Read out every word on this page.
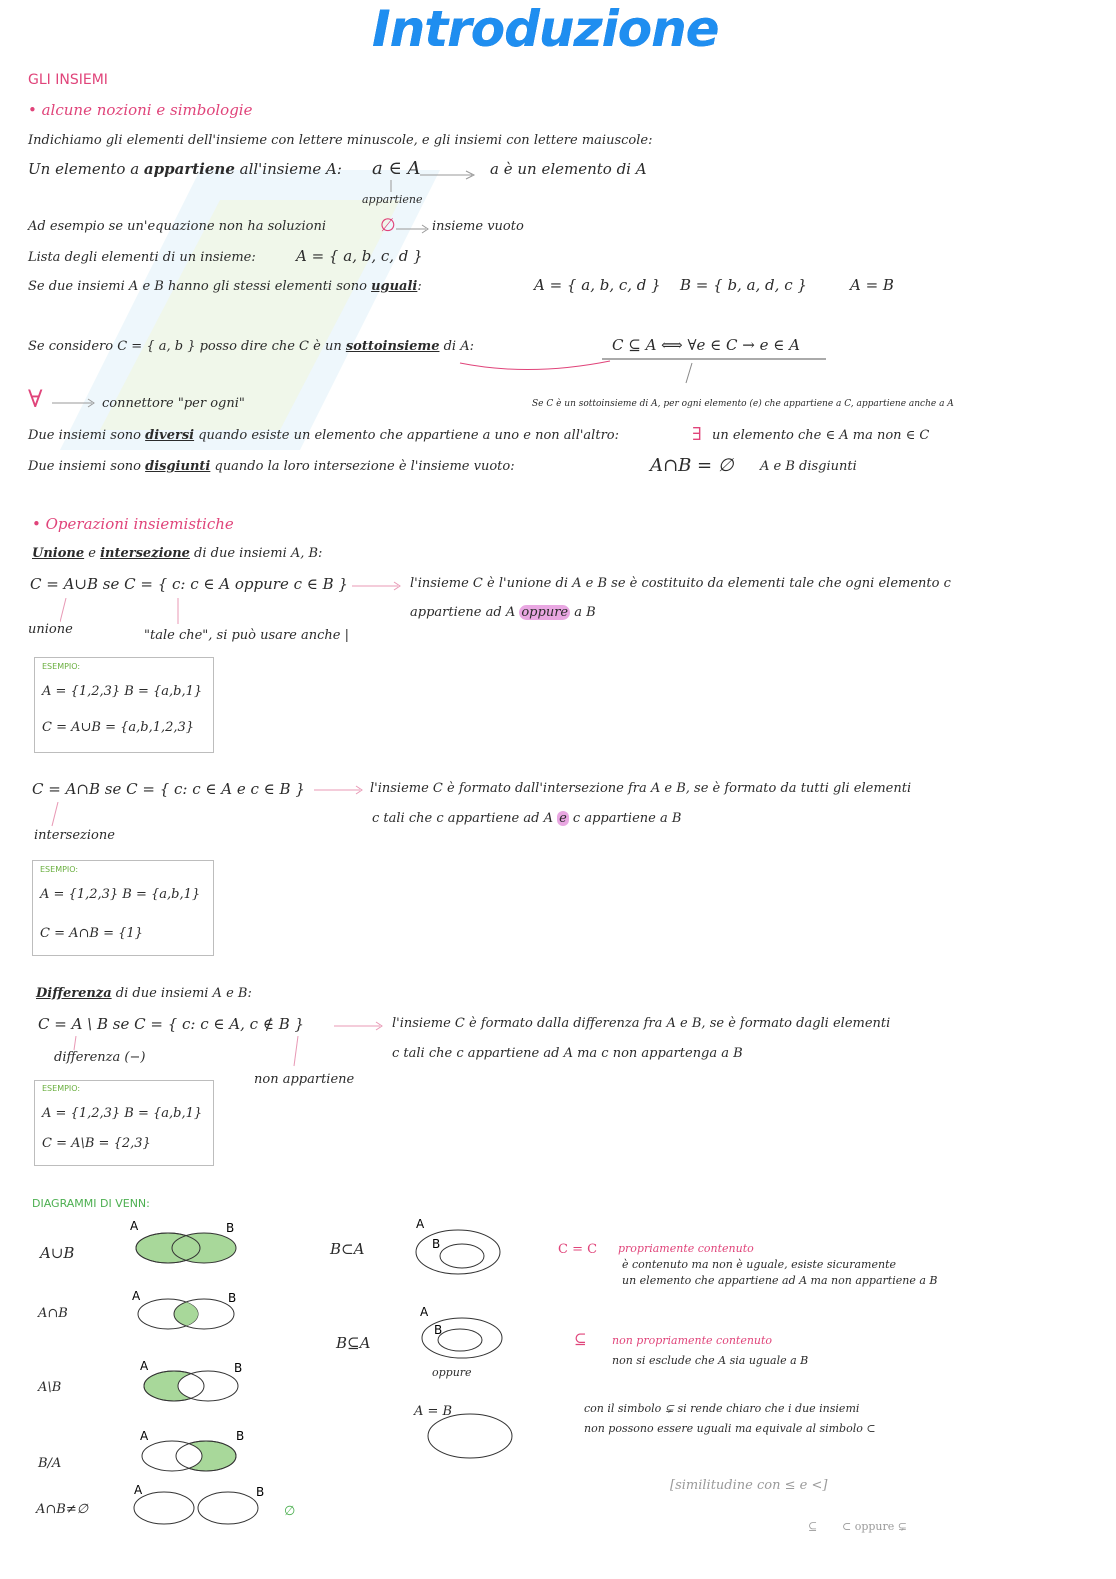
Introduzione
GLI INSIEMI
• alcune nozioni e simbologie
Indichiamo gli elementi dell'insieme con lettere minuscole, e gli insiemi con lettere maiuscole:
Un elemento a appartiene all'insieme A: a ∈ A	a è un elemento di A
appartiene
Ad esempio se un'equazione non ha soluzioni	∅	insieme vuoto
Lista degli elementi di un insieme:	A = { a, b, c, d }
Se due insiemi A e B hanno gli stessi elementi sono uguali:	A = { a, b, c, d } B = { b, a, d, c }	A = B
Se considero C = { a, b } posso dire che C è un sottoinsieme di A:	C ⊆ A ⟺ ∀e ∈ C → e ∈ A
∀	connettore "per ogni"	Se C è un sottoinsieme di A, per ogni elemento (e) che appartiene a C, appartiene anche a A
Due insiemi sono diversi quando esiste un elemento che appartiene a uno e non all'altro:	∃ un elemento che ∈ A ma non ∈ C
Due insiemi sono disgiunti quando la loro intersezione è l'insieme vuoto:	A∩B = ∅ A e B disgiunti
• Operazioni insiemistiche
Unione e intersezione di due insiemi A, B:
C = A∪B se C = { c: c ∈ A oppure c ∈ B }	l'insieme C è l'unione di A e B se è costituito da elementi tale che ogni elemento c
appartiene ad A oppure a B
unione	"tale che", si può usare anche |
ESEMPIO:
A = {1,2,3} B = {a,b,1}
C = A∪B = {a,b,1,2,3}
C = A∩B se C = { c: c ∈ A e c ∈ B }	l'insieme C è formato dall'intersezione fra A e B, se è formato da tutti gli elementi
c tali che c appartiene ad A e c appartiene a B
intersezione
ESEMPIO:
A = {1,2,3} B = {a,b,1}
C = A∩B = {1}
Differenza di due insiemi A e B:
C = A \ B se C = { c: c ∈ A, c ∉ B }	l'insieme C è formato dalla differenza fra A e B, se è formato dagli elementi
c tali che c appartiene ad A ma c non appartenga a B
differenza (−)
non appartiene
ESEMPIO:
A = {1,2,3} B = {a,b,1}
C = A\B = {2,3}
DIAGRAMMI DI VENN:
A∪B
A∩B
A\B
B/A
A∩B≠∅	∅
A	B
A	B
A	B
A	B
A	B
B⊂A
B⊆A
oppure
A = B
A
B
A
B
C = C propriamente contenuto
è contenuto ma non è uguale, esiste sicuramente
un elemento che appartiene ad A ma non appartiene a B
⊆ non propriamente contenuto
non si esclude che A sia uguale a B
con il simbolo ⊊ si rende chiaro che i due insiemi
non possono essere uguali ma equivale al simbolo ⊂
[similitudine con ≤ e <]
⊆ ⊂ oppure ⊊
